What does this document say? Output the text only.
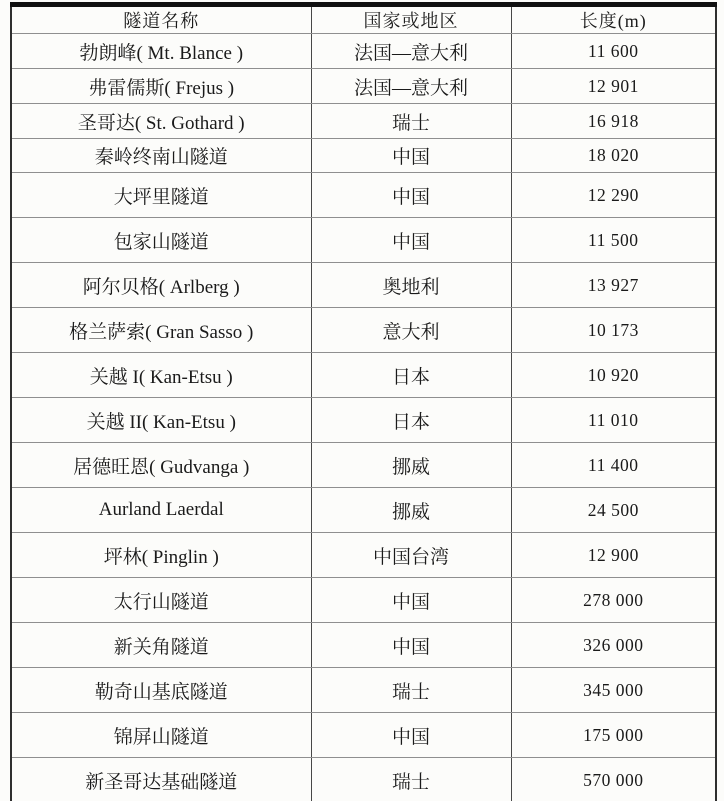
隧道名称	国家或地区	长度(m)
勃朗峰( Mt. Blance )	法国—意大利	11 600
弗雷儒斯( Frejus )	法国—意大利	12 901
圣哥达( St. Gothard )	瑞士	16 918
秦岭终南山隧道	中国	18 020
大坪里隧道	中国	12 290
包家山隧道	中国	11 500
阿尔贝格( Arlberg )	奥地利	13 927
格兰萨索( Gran Sasso )	意大利	10 173
关越 I( Kan-Etsu )	日本	10 920
关越 II( Kan-Etsu )	日本	11 010
居德旺恩( Gudvanga )	挪威	11 400
Aurland Laerdal	挪威	24 500
坪林( Pinglin )	中国台湾	12 900
太行山隧道	中国	278 000
新关角隧道	中国	326 000
勒奇山基底隧道	瑞士	345 000
锦屏山隧道	中国	175 000
新圣哥达基础隧道	瑞士	570 000
